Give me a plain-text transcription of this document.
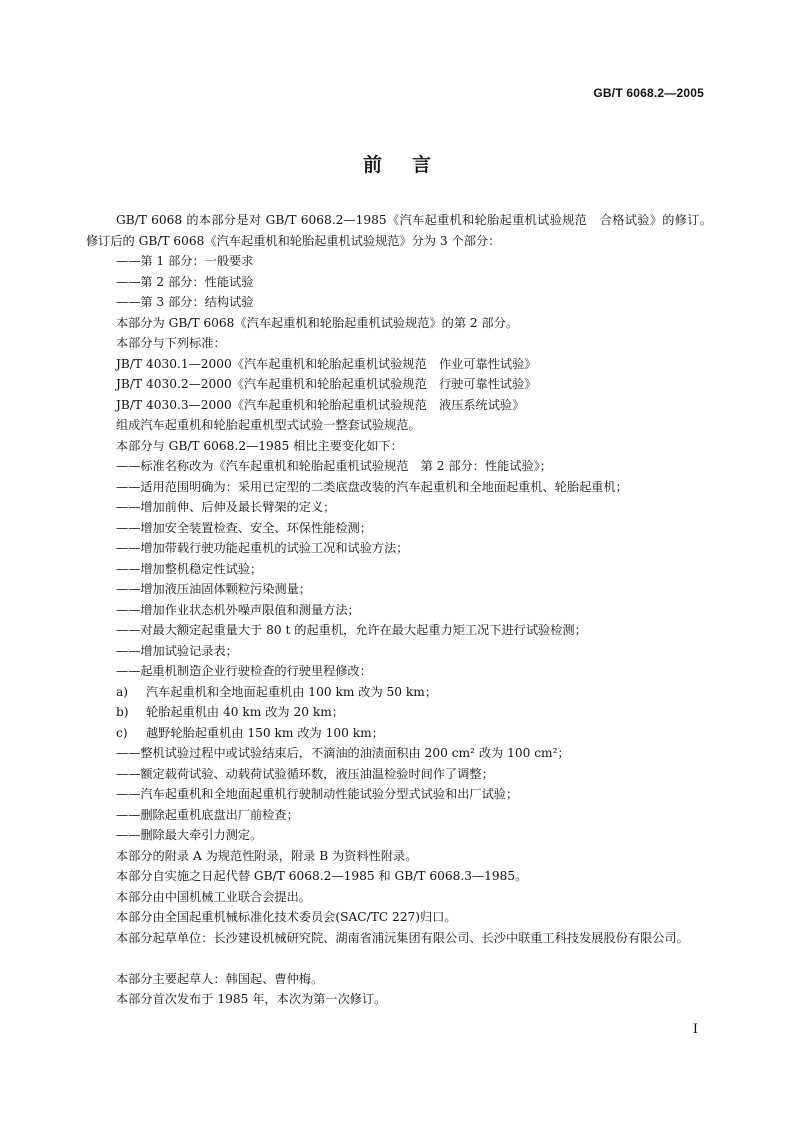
GB/T 6068.2—2005
前言
GB/T 6068 的本部分是对 GB/T 6068.2—1985《汽车起重机和轮胎起重机试验规范　合格试验》的修订。修订后的 GB/T 6068《汽车起重机和轮胎起重机试验规范》分为 3 个部分：
——第 1 部分：一般要求
——第 2 部分：性能试验
——第 3 部分：结构试验
本部分为 GB/T 6068《汽车起重机和轮胎起重机试验规范》的第 2 部分。
本部分与下列标准：
JB/T 4030.1—2000《汽车起重机和轮胎起重机试验规范　作业可靠性试验》
JB/T 4030.2—2000《汽车起重机和轮胎起重机试验规范　行驶可靠性试验》
JB/T 4030.3—2000《汽车起重机和轮胎起重机试验规范　液压系统试验》
组成汽车起重机和轮胎起重机型式试验一整套试验规范。
本部分与 GB/T 6068.2—1985 相比主要变化如下：
——标准名称改为《汽车起重机和轮胎起重机试验规范　第 2 部分：性能试验》；
——适用范围明确为：采用已定型的二类底盘改装的汽车起重机和全地面起重机、轮胎起重机；
——增加前伸、后伸及最长臂架的定义；
——增加安全装置检查、安全、环保性能检测；
——增加带载行驶功能起重机的试验工况和试验方法；
——增加整机稳定性试验；
——增加液压油固体颗粒污染测量；
——增加作业状态机外噪声限值和测量方法；
——对最大额定起重量大于 80 t 的起重机，允许在最大起重力矩工况下进行试验检测；
——增加试验记录表；
——起重机制造企业行驶检查的行驶里程修改：
a) 汽车起重机和全地面起重机由 100 km 改为 50 km；
b) 轮胎起重机由 40 km 改为 20 km；
c) 越野轮胎起重机由 150 km 改为 100 km；
——整机试验过程中或试验结束后，不滴油的油渍面积由 200 cm² 改为 100 cm²；
——额定载荷试验、动载荷试验循环数，液压油温检验时间作了调整；
——汽车起重机和全地面起重机行驶制动性能试验分型式试验和出厂试验；
——删除起重机底盘出厂前检查；
——删除最大牵引力测定。
本部分的附录 A 为规范性附录，附录 B 为资料性附录。
本部分自实施之日起代替 GB/T 6068.2—1985 和 GB/T 6068.3—1985。
本部分由中国机械工业联合会提出。
本部分由全国起重机械标准化技术委员会(SAC/TC 227)归口。
本部分起草单位：长沙建设机械研究院、湖南省浦沅集团有限公司、长沙中联重工科技发展股份有限公司。
本部分主要起草人：韩国起、曹仲梅。
本部分首次发布于 1985 年，本次为第一次修订。
I
